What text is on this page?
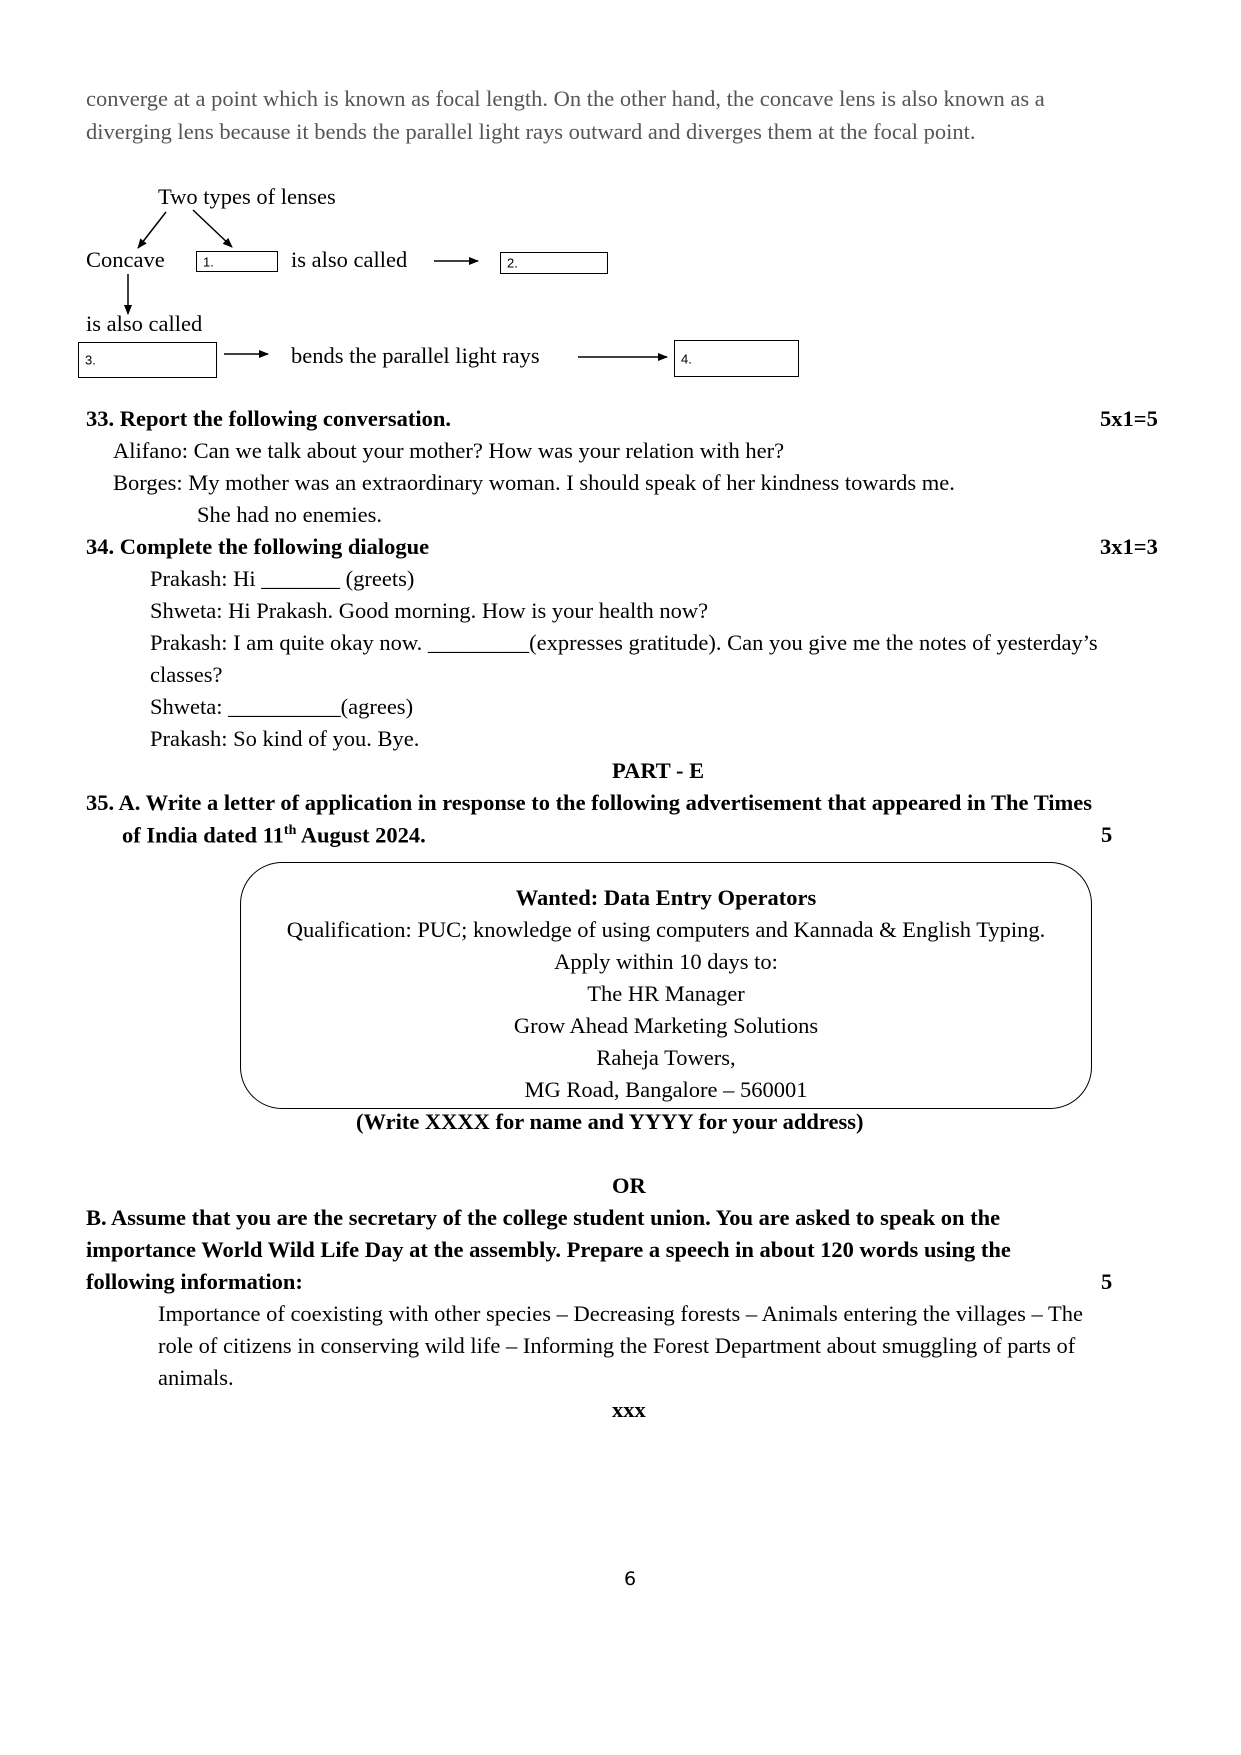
converge at a point which is known as focal length. On the other hand, the concave lens is also known as a
diverging lens because it bends the parallel light rays outward and diverges them at the focal point.
Two types of lenses
Concave	1.	is also called	2.
is also called
3.	bends the parallel light rays	4.
33. Report the following conversation.	5x1=5
Alifano: Can we talk about your mother? How was your relation with her?
Borges: My mother was an extraordinary woman. I should speak of her kindness towards me.
She had no enemies.
34. Complete the following dialogue	3x1=3
Prakash: Hi _______ (greets)
Shweta: Hi Prakash. Good morning. How is your health now?
Prakash: I am quite okay now. _________(expresses gratitude). Can you give me the notes of yesterday’s
classes?
Shweta: __________(agrees)
Prakash: So kind of you. Bye.
PART - E
35. A. Write a letter of application in response to the following advertisement that appeared in The Times
of India dated 11th August 2024.	5
Wanted: Data Entry Operators
Qualification: PUC; knowledge of using computers and Kannada & English Typing.
Apply within 10 days to:
The HR Manager
Grow Ahead Marketing Solutions
Raheja Towers,
MG Road, Bangalore – 560001
(Write XXXX for name and YYYY for your address)
OR
B. Assume that you are the secretary of the college student union. You are asked to speak on the
importance World Wild Life Day at the assembly. Prepare a speech in about 120 words using the
following information:	5
Importance of coexisting with other species – Decreasing forests – Animals entering the villages – The
role of citizens in conserving wild life – Informing the Forest Department about smuggling of parts of
animals.
xxx
6
